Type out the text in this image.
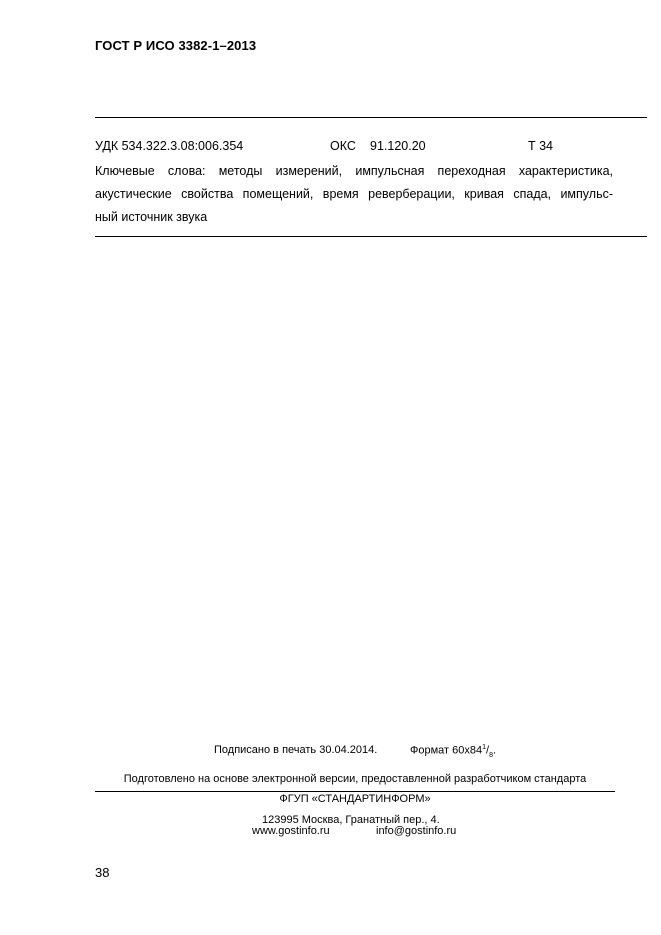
ГОСТ Р ИСО 3382-1–2013
УДК 534.322.3.08:006.354	ОКС 91.120.20	Т 34
Ключевые слова: методы измерений, импульсная переходная характеристика,
акустические свойства помещений, время реверберации, кривая спада, импульс-
ный источник звука
Подписано в печать 30.04.2014.	Формат $60х84^1/_8$.
Подготовлено на основе электронной версии, предоставленной разработчиком стандарта
ФГУП «СТАНДАРТИНФОРМ»
123995 Москва, Гранатный пер., 4.
www.gostinfo.ru	info@gostinfo.ru
38
